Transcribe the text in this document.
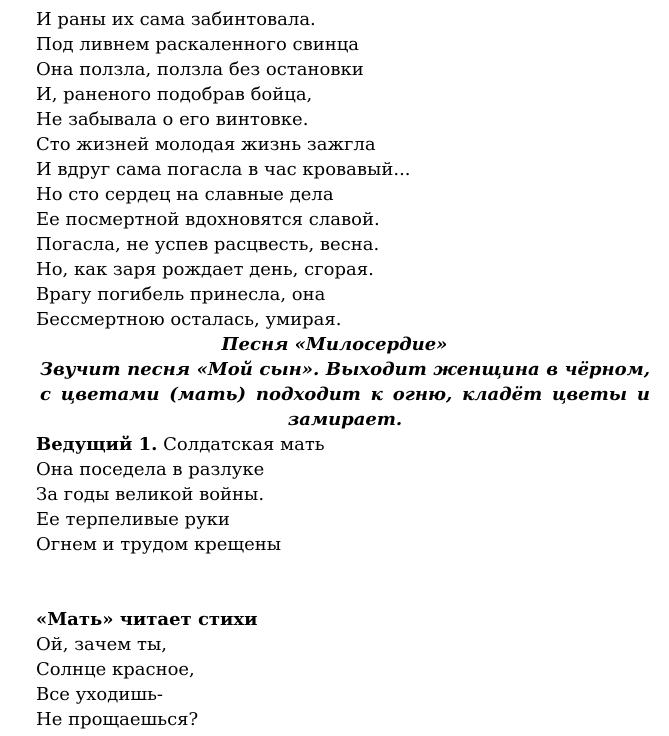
И раны их сама забинтовала.
Под ливнем раскаленного свинца
Она ползла, ползла без остановки
И, раненого подобрав бойца,
Не забывала о его винтовке.
Сто жизней молодая жизнь зажгла
И вдруг сама погасла в час кровавый...
Но сто сердец на славные дела
Ее посмертной вдохновятся славой.
Погасла, не успев расцвесть, весна.
Но, как заря рождает день, сгорая.
Врагу погибель принесла, она
Бессмертною осталась, умирая.
Песня «Милосердие»
Звучит песня «Мой сын». Выходит женщина в чёрном, с цветами (мать) подходит к огню, кладёт цветы и замирает.
Ведущий 1. Солдатская мать
Она поседела в разлуке
За годы великой войны.
Ее терпеливые руки
Огнем и трудом крещены
«Мать» читает стихи
Ой, зачем ты,
Солнце красное,
Все уходишь-
Не прощаешься?
